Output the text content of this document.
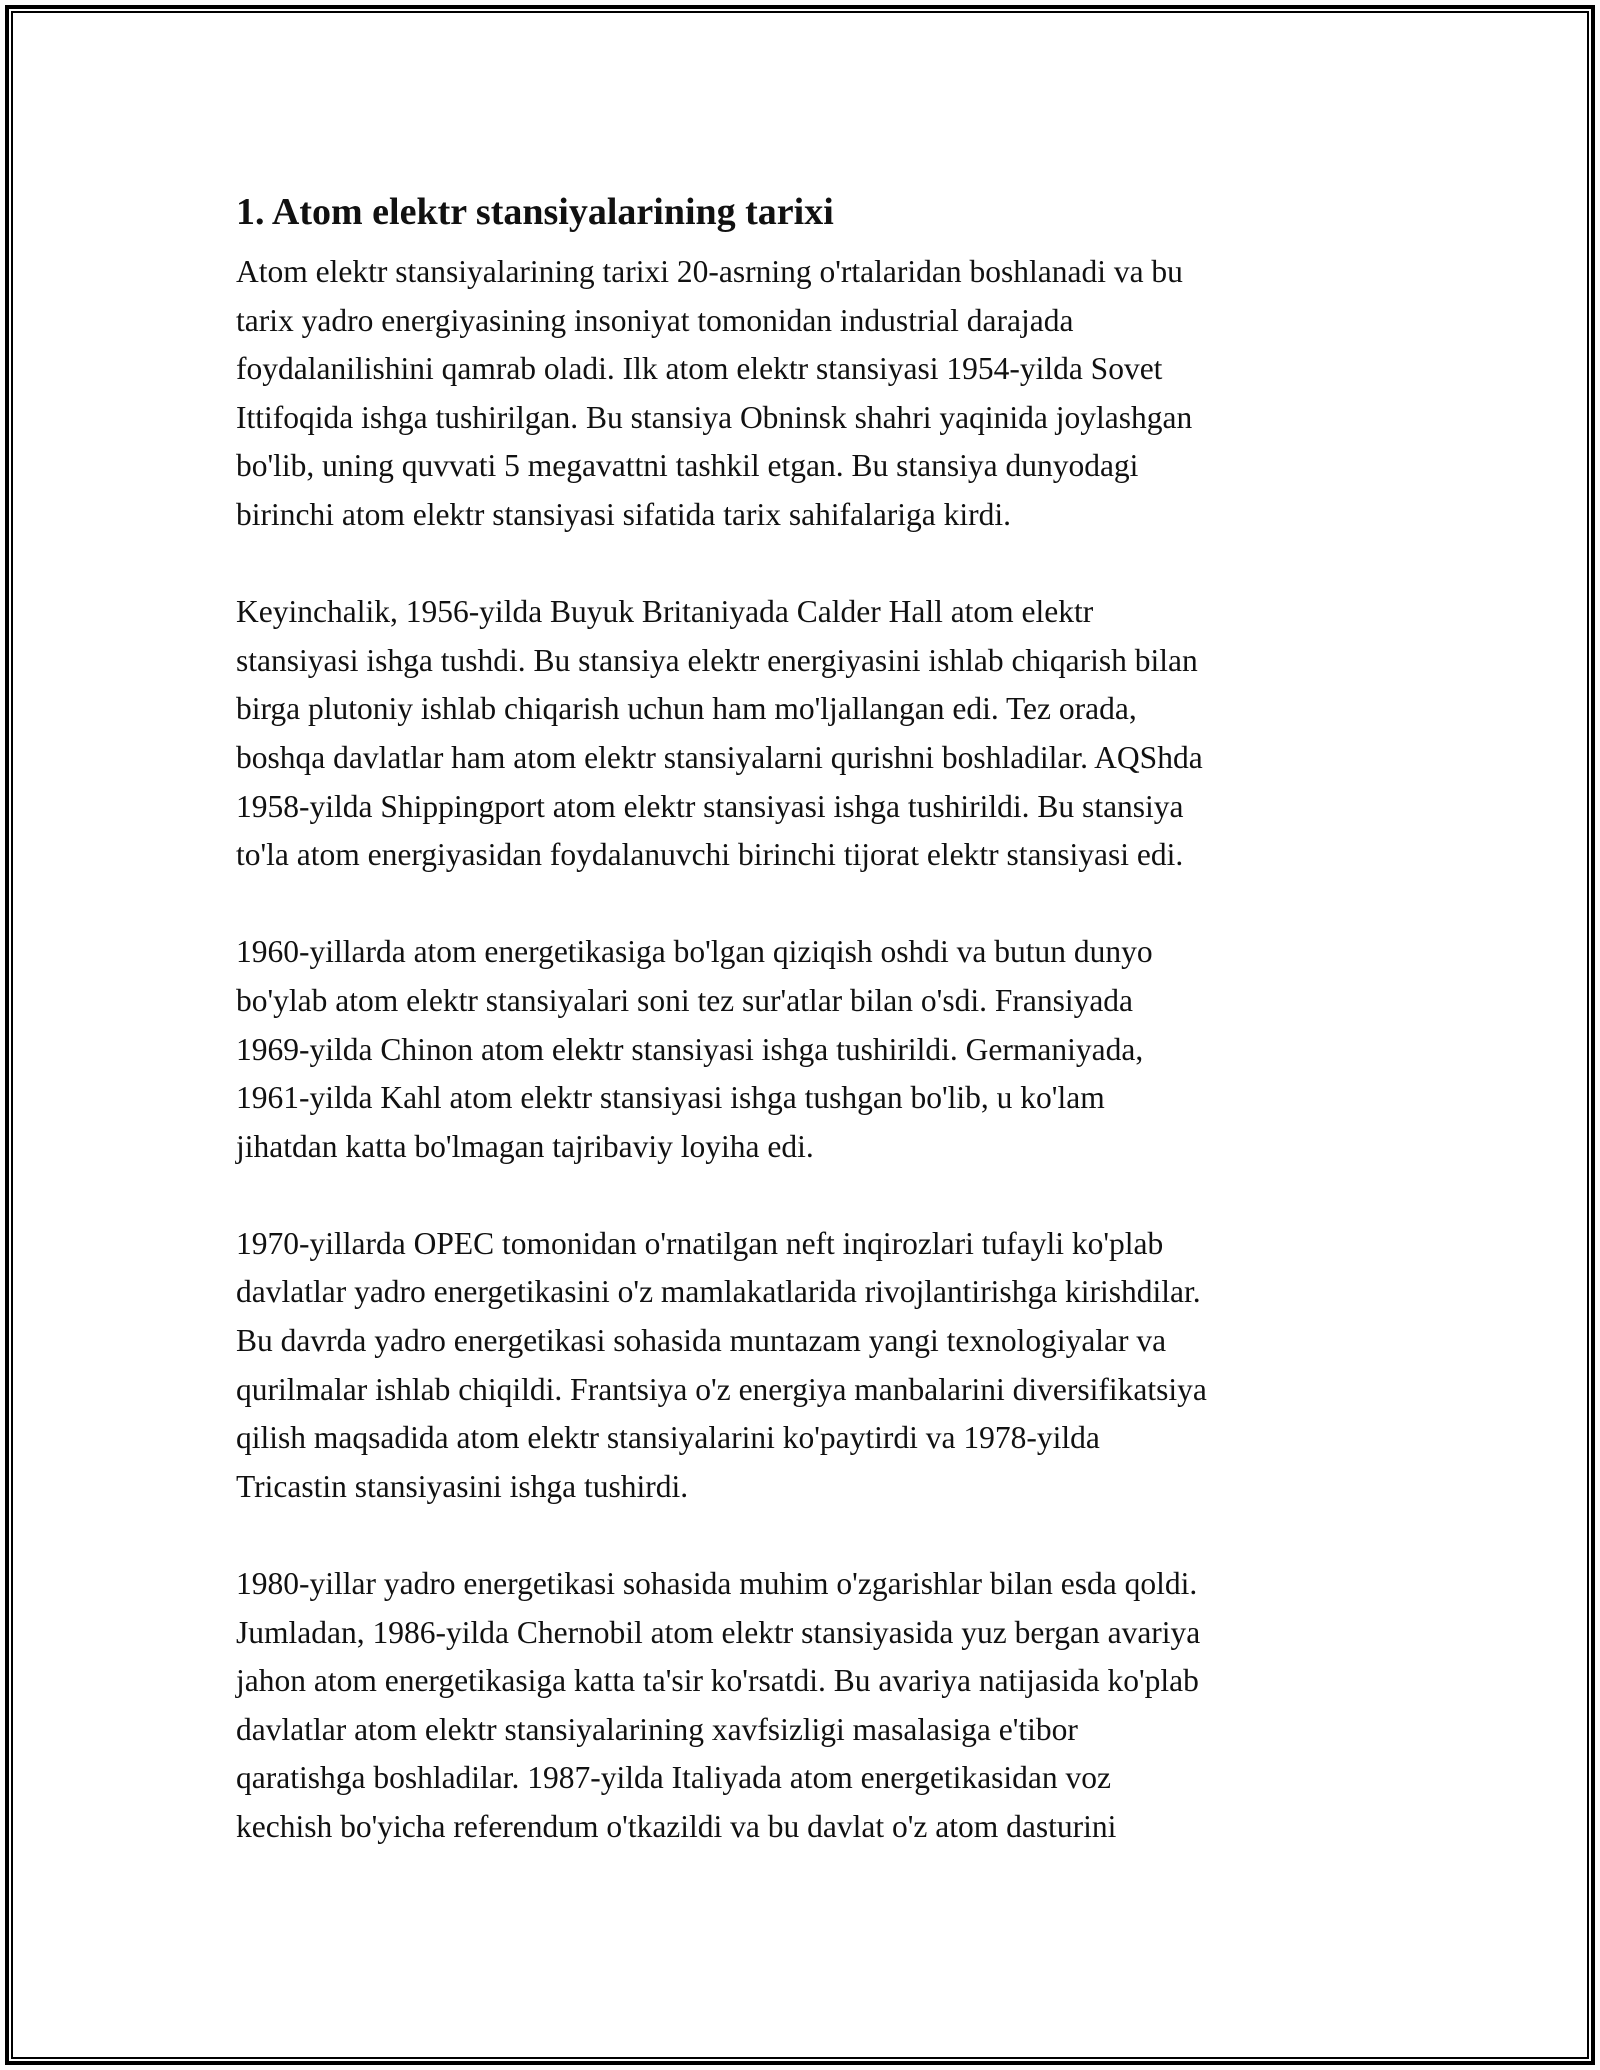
1. Atom elektr stansiyalarining tarixi

Atom elektr stansiyalarining tarixi 20-asrning o'rtalaridan boshlanadi va bu
tarix yadro energiyasining insoniyat tomonidan industrial darajada
foydalanilishini qamrab oladi. Ilk atom elektr stansiyasi 1954-yilda Sovet
Ittifoqida ishga tushirilgan. Bu stansiya Obninsk shahri yaqinida joylashgan
bo'lib, uning quvvati 5 megavattni tashkil etgan. Bu stansiya dunyodagi
birinchi atom elektr stansiyasi sifatida tarix sahifalariga kirdi.

Keyinchalik, 1956-yilda Buyuk Britaniyada Calder Hall atom elektr
stansiyasi ishga tushdi. Bu stansiya elektr energiyasini ishlab chiqarish bilan
birga plutoniy ishlab chiqarish uchun ham mo'ljallangan edi. Tez orada,
boshqa davlatlar ham atom elektr stansiyalarni qurishni boshladilar. AQShda
1958-yilda Shippingport atom elektr stansiyasi ishga tushirildi. Bu stansiya
to'la atom energiyasidan foydalanuvchi birinchi tijorat elektr stansiyasi edi.

1960-yillarda atom energetikasiga bo'lgan qiziqish oshdi va butun dunyo
bo'ylab atom elektr stansiyalari soni tez sur'atlar bilan o'sdi. Fransiyada
1969-yilda Chinon atom elektr stansiyasi ishga tushirildi. Germaniyada,
1961-yilda Kahl atom elektr stansiyasi ishga tushgan bo'lib, u ko'lam
jihatdan katta bo'lmagan tajribaviy loyiha edi.

1970-yillarda OPEC tomonidan o'rnatilgan neft inqirozlari tufayli ko'plab
davlatlar yadro energetikasini o'z mamlakatlarida rivojlantirishga kirishdilar.
Bu davrda yadro energetikasi sohasida muntazam yangi texnologiyalar va
qurilmalar ishlab chiqildi. Frantsiya o'z energiya manbalarini diversifikatsiya
qilish maqsadida atom elektr stansiyalarini ko'paytirdi va 1978-yilda
Tricastin stansiyasini ishga tushirdi.

1980-yillar yadro energetikasi sohasida muhim o'zgarishlar bilan esda qoldi.
Jumladan, 1986-yilda Chernobil atom elektr stansiyasida yuz bergan avariya
jahon atom energetikasiga katta ta'sir ko'rsatdi. Bu avariya natijasida ko'plab
davlatlar atom elektr stansiyalarining xavfsizligi masalasiga e'tibor
qaratishga boshladilar. 1987-yilda Italiyada atom energetikasidan voz
kechish bo'yicha referendum o'tkazildi va bu davlat o'z atom dasturini
